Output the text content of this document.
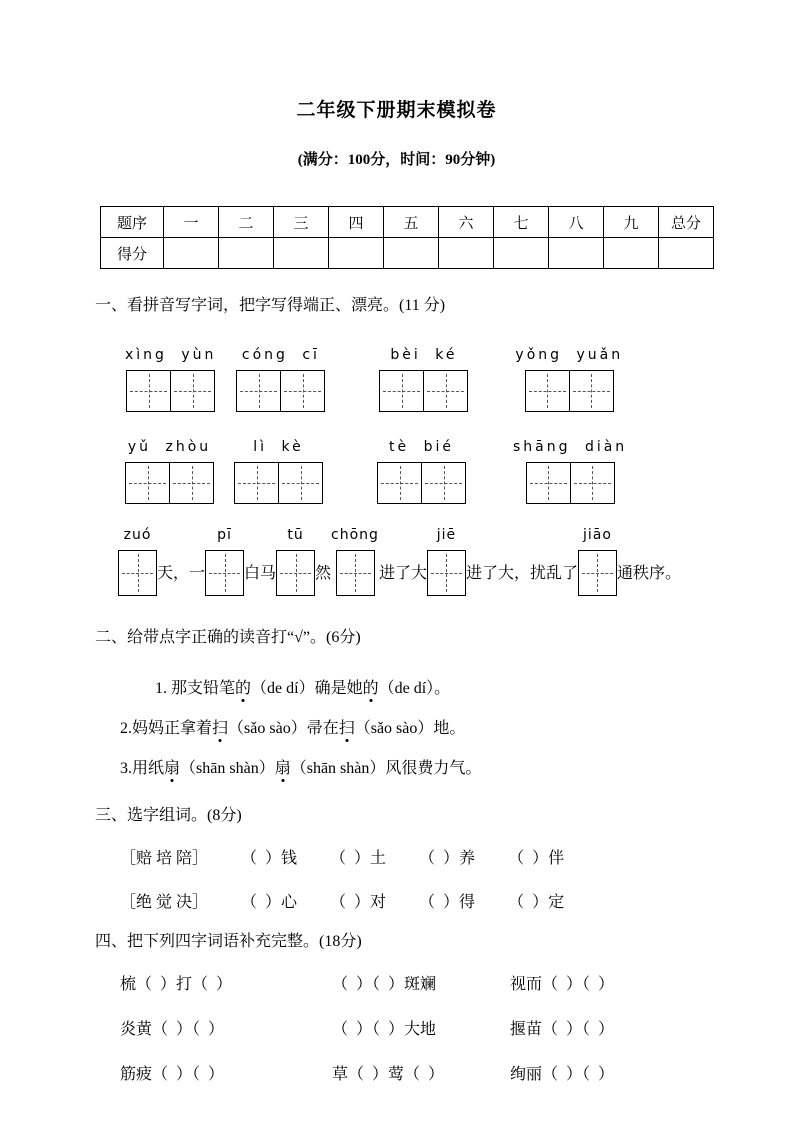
二年级下册期末模拟卷
(满分：100分，时间：90分钟)
题序	一	二	三	四	五	六	七	八	九	总分
得分										
一、看拼音写字词，把字写得端正、漂亮。(11 分)
xìng yùn cóng cī	bèi ké	yǒng yuǎn
yǔ zhòu	lì kè	tè bié	shāng diàn
zuó
天，一
pī
白马
tū
然
chōng
进了大
jiē
进了大，扰乱了
jiāo
通秩序。
二、给带点字正确的读音打“√”。(6分)
1. 那支铅笔的（de dí）确是她的（de dí）。
2.妈妈正拿着扫（sǎo sào）帚在扫（sǎo sào）地。
3.用纸扇（shān shàn）扇（shān shàn）风很费力气。
三、选字组词。(8分)
［赔 培 陪］ （  ）钱 （  ）土 （  ）养 （  ）伴
［绝 觉 决］ （  ）心 （  ）对 （  ）得 （  ）定
四、把下列四字词语补充完整。(18分)
梳（  ）打（  ）	（  ）（  ）斑斓	视而（  ）（  ）
炎黄（  ）（  ）	（  ）（  ）大地	揠苗（  ）（  ）
筋疲（  ）（  ）	草（  ）莺（  ）	绚丽（  ）（  ）
